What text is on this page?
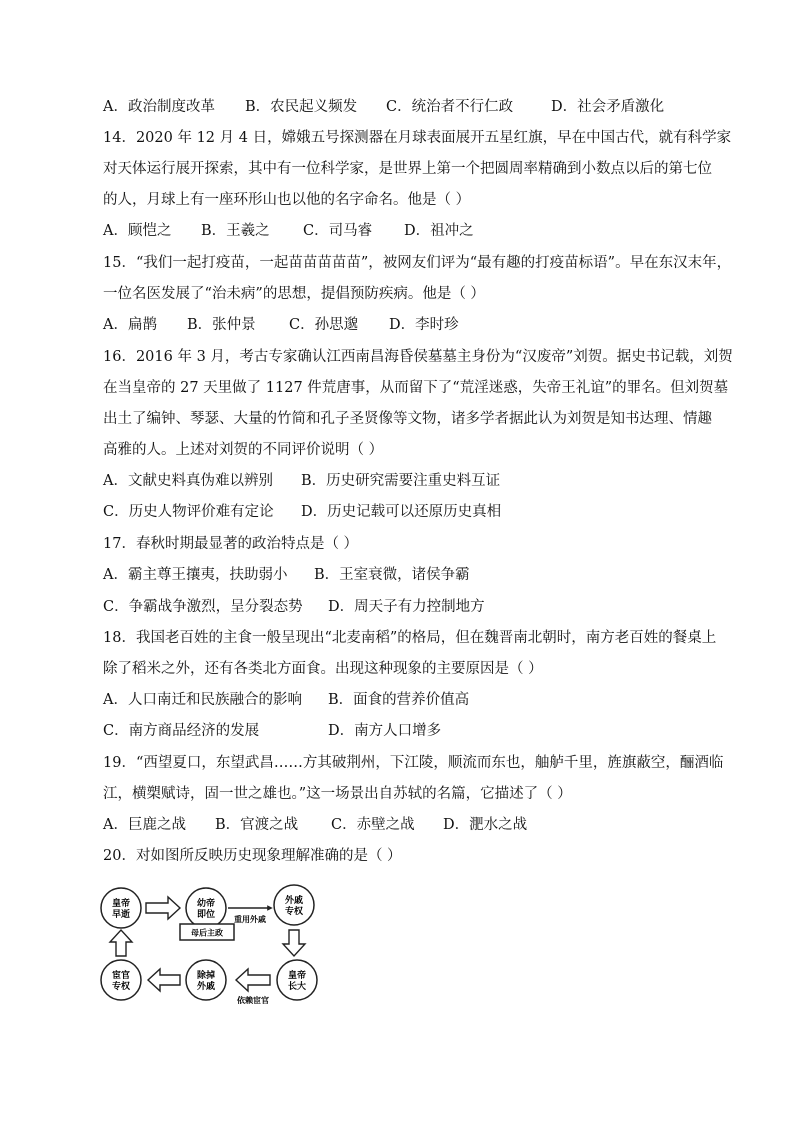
A．政治制度改革 B．农民起义频发 C．统治者不行仁政	D．社会矛盾激化
14．2020 年 12 月 4 日，嫦娥五号探测器在月球表面展开五星红旗，早在中国古代，就有科学家
对天体运行展开探索，其中有一位科学家，是世界上第一个把圆周率精确到小数点以后的第七位
的人，月球上有一座环形山也以他的名字命名。他是（ ）
A．顾恺之 B．王羲之 C．司马睿 D．祖冲之
15．“我们一起打疫苗，一起苗苗苗苗苗”，被网友们评为“最有趣的打疫苗标语”。早在东汉末年，
一位名医发展了“治未病”的思想，提倡预防疾病。他是（ ）
A．扁鹊 B．张仲景 C．孙思邈 D．李时珍
16．2016 年 3 月，考古专家确认江西南昌海昏侯墓墓主身份为“汉废帝”刘贺。据史书记载，刘贺
在当皇帝的 27 天里做了 1127 件荒唐事，从而留下了“荒淫迷惑，失帝王礼谊”的罪名。但刘贺墓
出土了编钟、琴瑟、大量的竹简和孔子圣贤像等文物，诸多学者据此认为刘贺是知书达理、情趣
高雅的人。上述对刘贺的不同评价说明（ ）
A．文献史料真伪难以辨别 B．历史研究需要注重史料互证
C．历史人物评价难有定论 D．历史记载可以还原历史真相
17．春秋时期最显著的政治特点是（ ）
A．霸主尊王攘夷，扶助弱小 B．王室衰微，诸侯争霸
C．争霸战争激烈，呈分裂态势 D．周天子有力控制地方
18．我国老百姓的主食一般呈现出“北麦南稻”的格局，但在魏晋南北朝时，南方老百姓的餐桌上
除了稻米之外，还有各类北方面食。出现这种现象的主要原因是（ ）
A．人口南迁和民族融合的影响 B．面食的营养价值高
C．南方商品经济的发展	D．南方人口增多
19．“西望夏口，东望武昌……方其破荆州，下江陵，顺流而东也，舳舻千里，旌旗蔽空，酾酒临
江，横槊赋诗，固一世之雄也。”这一场景出自苏轼的名篇，它描述了（ ）
A．巨鹿之战 B．官渡之战 C．赤壁之战 D．淝水之战
20．对如图所反映历史现象理解准确的是（ ）
皇帝
早逝
幼帝
即位
外戚
专权
皇帝
长大
除掉
外戚
宦官
专权
母后主政
重用外戚
依赖宦官
